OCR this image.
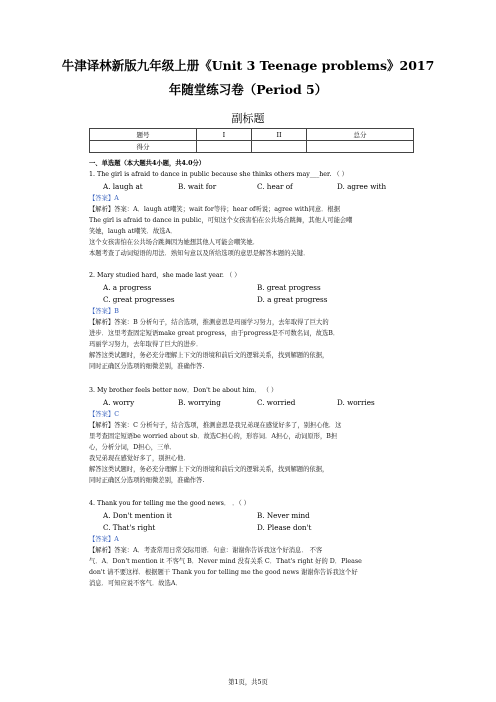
牛津译林新版九年级上册《Unit 3 Teenage problems》2017
年随堂练习卷（Period 5）
副标题
题号	I	II	总分
得分			
一、单选题（本大题共4小题，共4.0分）
1. The girl is afraid to dance in public because she thinks others may___her. （ ）
A. laugh at	B. wait for	C. hear of	D. agree with
【答案】A
【解析】答案：A．laugh at嘲笑；wait for等待；hear of听说；agree with同意．根据
The girl is afraid to dance in public，可知这个女孩害怕在公共场合跳舞，其他人可能会嘲
笑她，laugh at嘲笑．故选A．
这个女孩害怕在公共场合跳舞因为她想其他人可能会嘲笑她．
本题考查了动词短语的用法．熟知句意以及所给选项的意思是解答本题的关键．
2. Mary studied hard，she made last year. （ ）
A. a progress	B. great progress
C. great progresses	D. a great progress
【答案】B
【解析】答案：B 分析句子，结合选项，推测意思是玛丽学习努力，去年取得了巨大的
进步．这里考查固定短语make great progress，由于progress是不可数名词，故选B．
玛丽学习努力，去年取得了巨大的进步．
解答这类试题时，务必充分理解上下文的语境和前后文的逻辑关系，找到解题的依据，
同时正确区分选项的细微差别，准确作答.
3. My brother feels better now．Don't be about him． （ ）
A. worry	B. worrying	C. worried	D. worries
【答案】C
【解析】答案：C 分析句子，结合选项，推测意思是我兄弟现在感觉好多了，别担心他．这
里考查固定短语be worried about sb．故选C担心的，形容词．A担心，动词原形，B担
心，分析分词，D担心，三单．
我兄弟现在感觉好多了，别担心他．
解答这类试题时，务必充分理解上下文的语境和前后文的逻辑关系，找到解题的依据，
同时正确区分选项的细微差别，准确作答.
4. Thank you for telling me the good news． ．（ ）
A. Don't mention it	B. Never mind
C. That's right	D. Please don't
【答案】A
【解析】答案：A．考查常用日常交际用语．句意：谢谢你告诉我这个好消息． 不客
气．A．Don't mention it 不客气 B．Never mind 没有关系 C．That's right 好的 D．Please
don't 请不要这样．根据题干 Thank you for telling me the good news 谢谢你告诉我这个好
消息．可知应说不客气．故选A．
第1页，共5页
